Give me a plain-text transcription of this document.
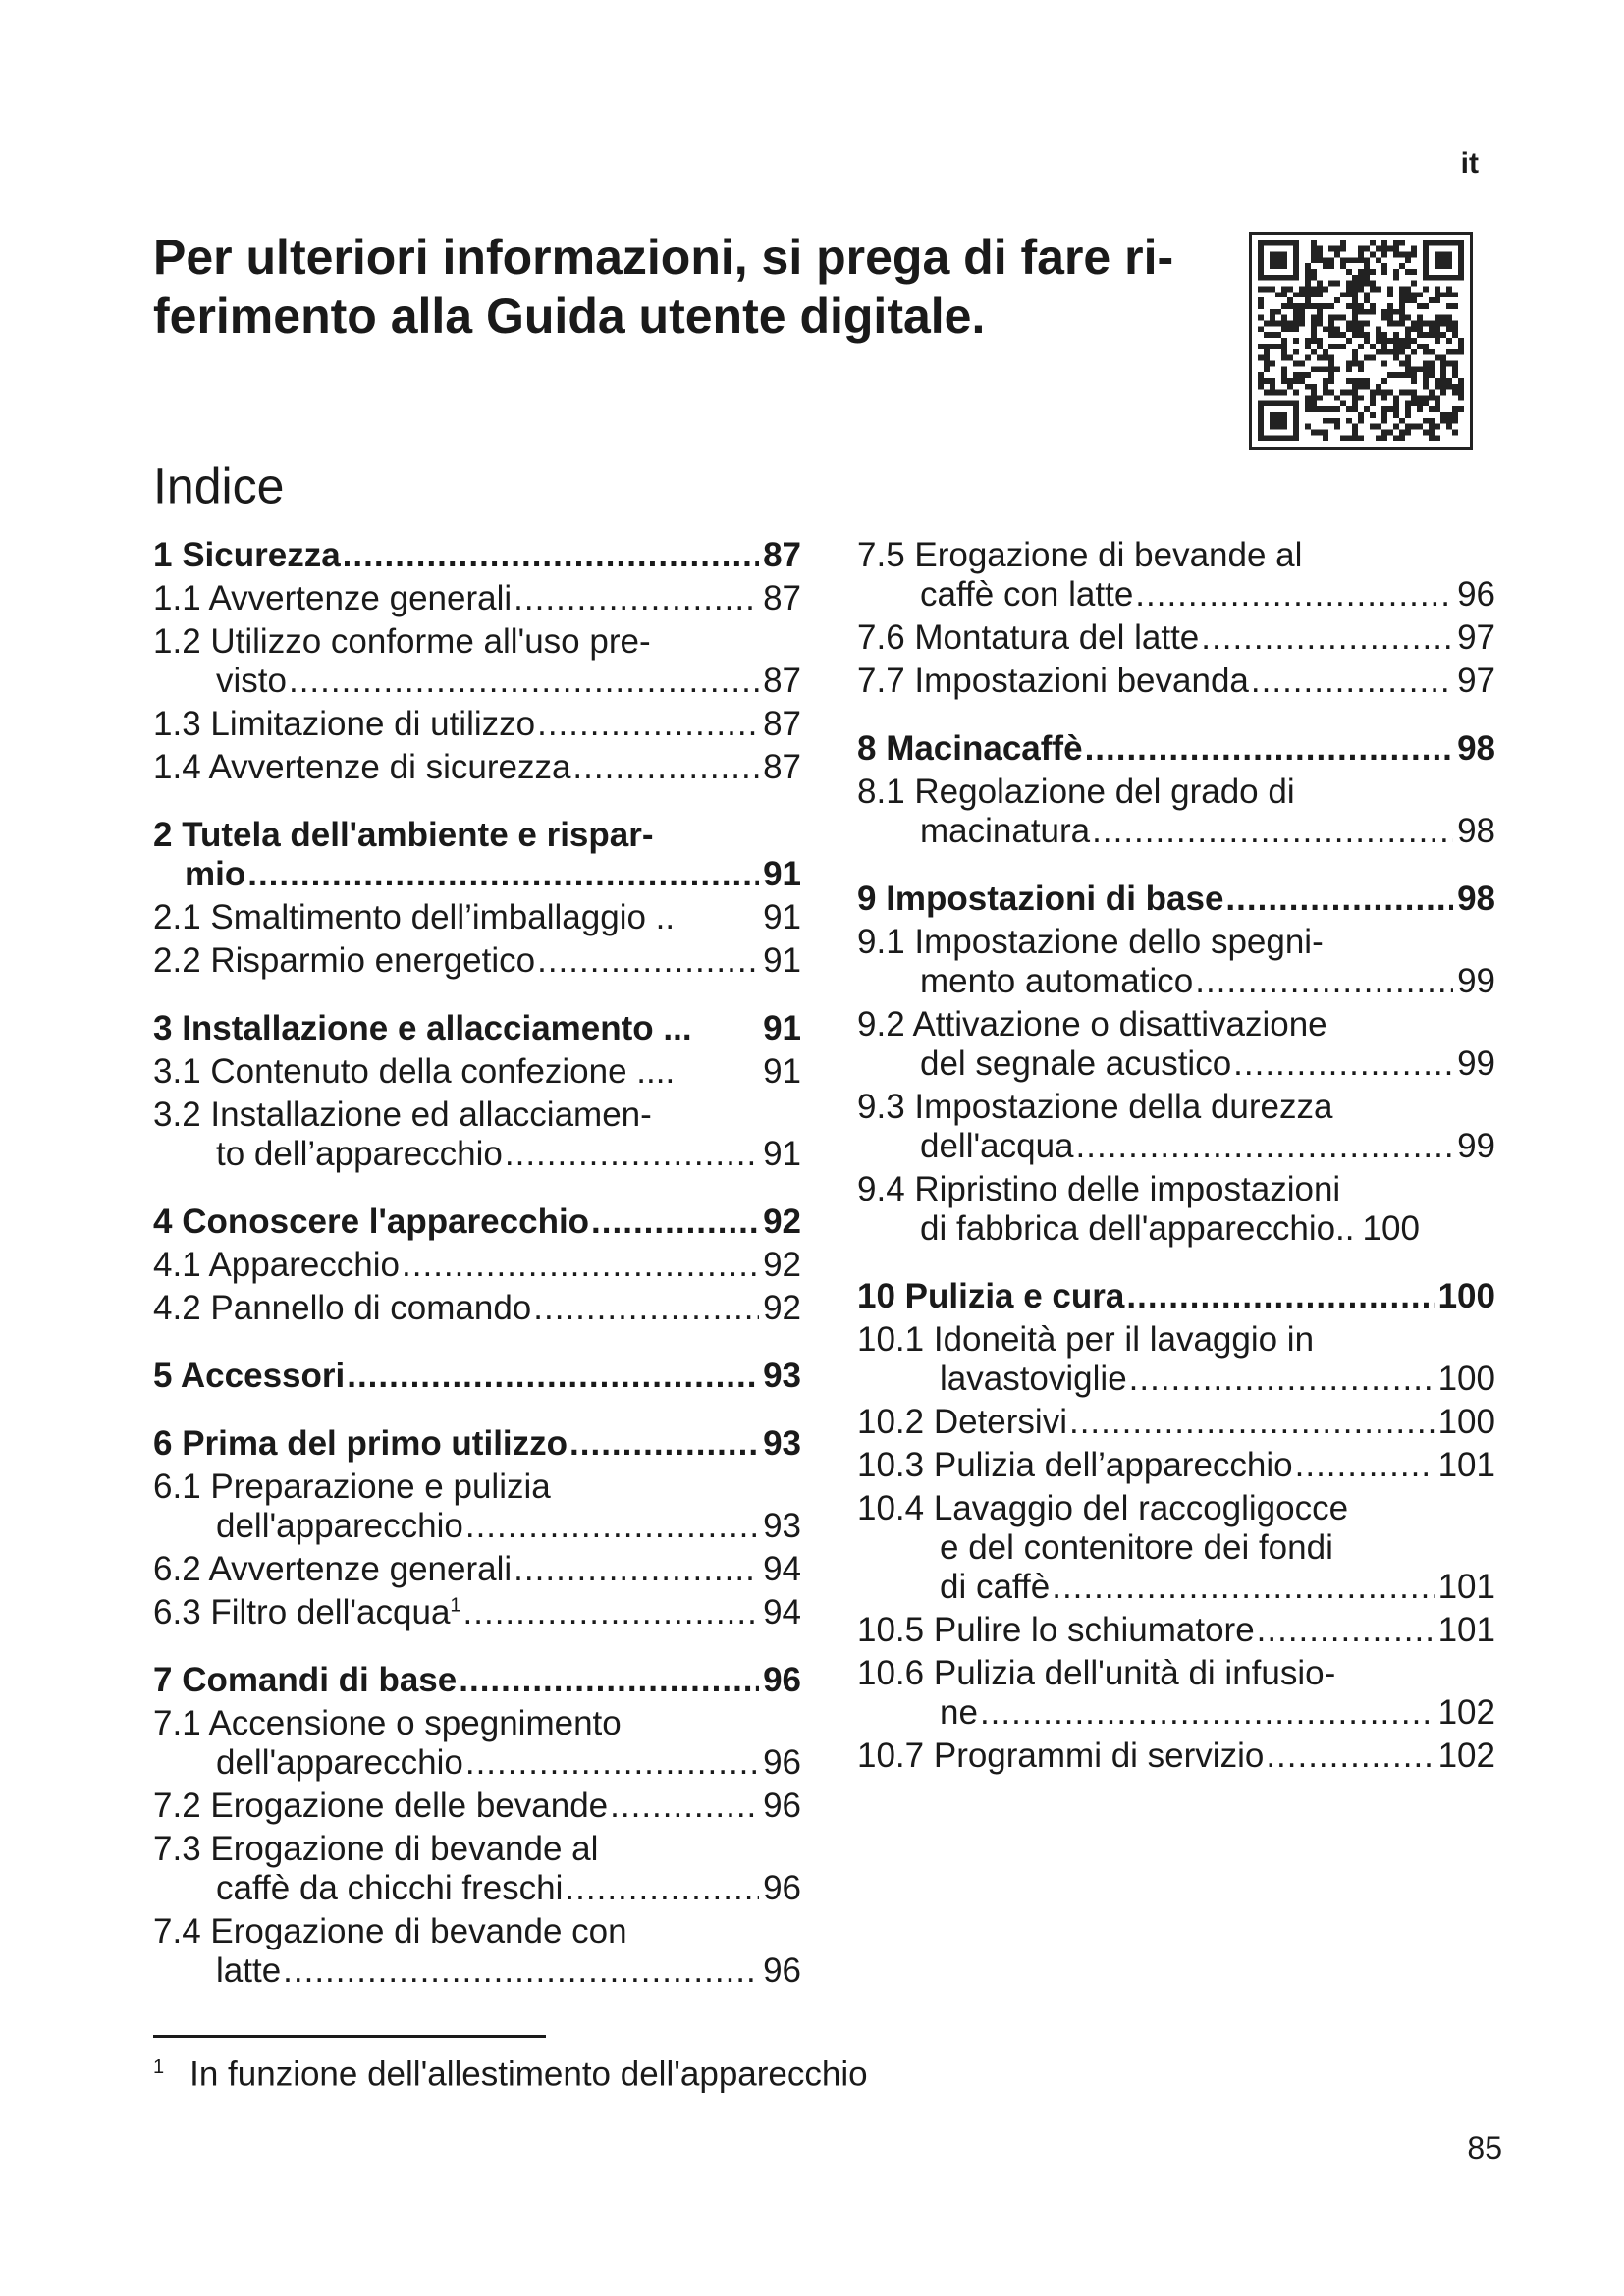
it
Per ulteriori informazioni, si prega di fare ri-
ferimento alla Guida utente digitale.
Indice
1 Sicurezza .....	87
1.1 Avvertenze generali .....	87
1.2 Utilizzo conforme all'uso pre-
visto .....	87
1.3 Limitazione di utilizzo .....	87
1.4 Avvertenze di sicurezza .....	87
2 Tutela dell'ambiente e rispar-
mio .....	91
2.1 Smaltimento dell’imballaggio ..	91
2.2 Risparmio energetico .....	91
3 Installazione e allacciamento ... 91
3.1 Contenuto della confezione ....	91
3.2 Installazione ed allacciamen-
to dell’apparecchio .....	91
4 Conoscere l'apparecchio .....	92
4.1 Apparecchio .....	92
4.2 Pannello di comando .....	92
5 Accessori .....	93
6 Prima del primo utilizzo .....	93
6.1 Preparazione e pulizia
dell'apparecchio .....	93
6.2 Avvertenze generali .....	94
6.3 Filtro dell'acqua$^1$ .....	94
7 Comandi di base .....	96
7.1 Accensione o spegnimento
dell'apparecchio .....	96
7.2 Erogazione delle bevande .....	96
7.3 Erogazione di bevande al
caffè da chicchi freschi .....	96
7.4 Erogazione di bevande con
latte .....	96
7.5 Erogazione di bevande al
caffè con latte .....	96
7.6 Montatura del latte .....	97
7.7 Impostazioni bevanda .....	97
8 Macinacaffè .....	98
8.1 Regolazione del grado di
macinatura .....	98
9 Impostazioni di base .....	98
9.1 Impostazione dello spegni-
mento automatico .....	99
9.2 Attivazione o disattivazione
del segnale acustico .....	99
9.3 Impostazione della durezza
dell'acqua .....	99
9.4 Ripristino delle impostazioni
di fabbrica dell'apparecchio.. 100
10 Pulizia e cura .....	100
10.1 Idoneità per il lavaggio in
lavastoviglie .....	100
10.2 Detersivi .....	100
10.3 Pulizia dell’apparecchio .....	101
10.4 Lavaggio del raccogligocce
e del contenitore dei fondi
di caffè .....	101
10.5 Pulire lo schiumatore .....	101
10.6 Pulizia dell'unità di infusio-
ne .....	102
10.7 Programmi di servizio .....	102
$^1$ In funzione dell'allestimento dell'apparecchio
85
